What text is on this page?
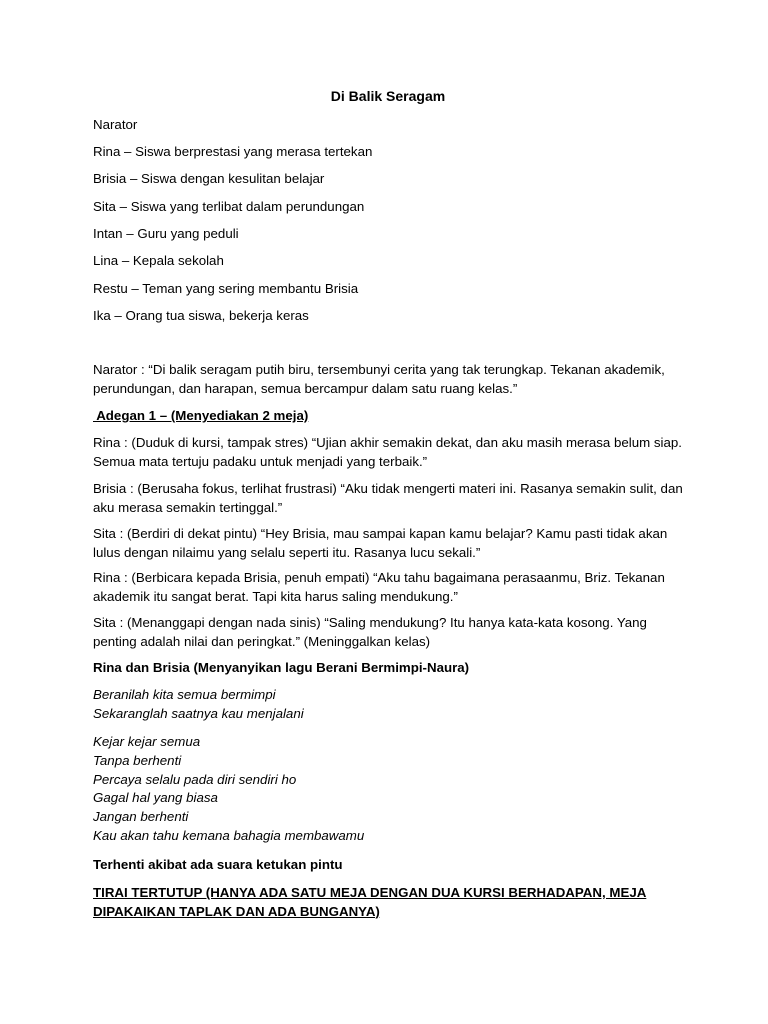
Di Balik Seragam

Narator

Rina – Siswa berprestasi yang merasa tertekan

Brisia – Siswa dengan kesulitan belajar

Sita – Siswa yang terlibat dalam perundungan

Intan – Guru yang peduli

Lina – Kepala sekolah

Restu – Teman yang sering membantu Brisia

Ika – Orang tua siswa, bekerja keras

Narator : “Di balik seragam putih biru, tersembunyi cerita yang tak terungkap. Tekanan akademik, perundungan, dan harapan, semua bercampur dalam satu ruang kelas.”

Adegan 1 – (Menyediakan 2 meja)

Rina : (Duduk di kursi, tampak stres) “Ujian akhir semakin dekat, dan aku masih merasa belum siap. Semua mata tertuju padaku untuk menjadi yang terbaik.”

Brisia : (Berusaha fokus, terlihat frustrasi) “Aku tidak mengerti materi ini. Rasanya semakin sulit, dan aku merasa semakin tertinggal.”

Sita : (Berdiri di dekat pintu) “Hey Brisia, mau sampai kapan kamu belajar? Kamu pasti tidak akan lulus dengan nilaimu yang selalu seperti itu. Rasanya lucu sekali.”

Rina : (Berbicara kepada Brisia, penuh empati) “Aku tahu bagaimana perasaanmu, Briz. Tekanan akademik itu sangat berat. Tapi kita harus saling mendukung.”

Sita : (Menanggapi dengan nada sinis) “Saling mendukung? Itu hanya kata-kata kosong. Yang penting adalah nilai dan peringkat.” (Meninggalkan kelas)

Rina dan Brisia (Menyanyikan lagu Berani Bermimpi-Naura)

Beranilah kita semua bermimpi

Sekaranglah saatnya kau menjalani

Kejar kejar semua

Tanpa berhenti

Percaya selalu pada diri sendiri ho

Gagal hal yang biasa

Jangan berhenti

Kau akan tahu kemana bahagia membawamu

Terhenti akibat ada suara ketukan pintu

TIRAI TERTUTUP (HANYA ADA SATU MEJA DENGAN DUA KURSI BERHADAPAN, MEJA DIPAKAIKAN TAPLAK DAN ADA BUNGANYA)
